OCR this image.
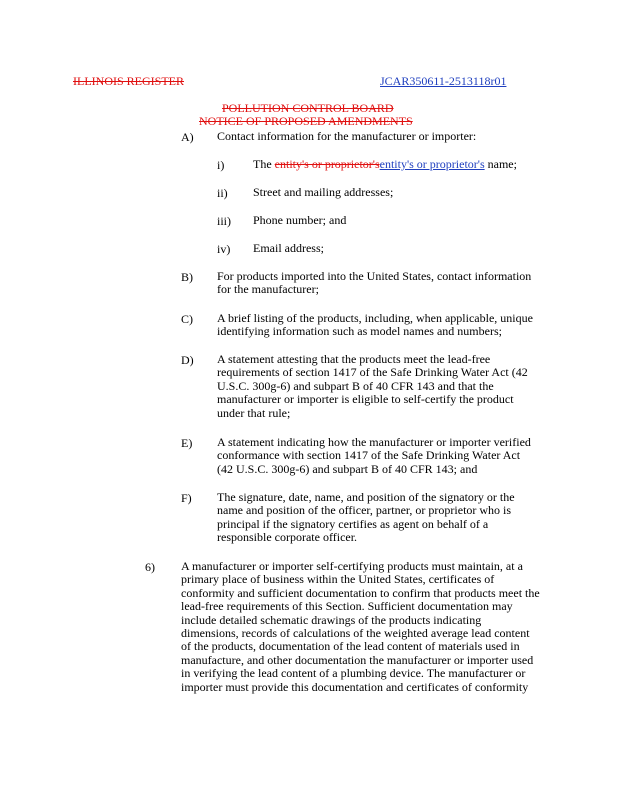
ILLINOIS REGISTER	JCAR350611-2513118r01
POLLUTION CONTROL BOARD
NOTICE OF PROPOSED AMENDMENTS
A) Contact information for the manufacturer or importer:
i) The entity's or proprietor'sentity's or proprietor's name;
ii) Street and mailing addresses;
iii) Phone number; and
iv) Email address;
B) For products imported into the United States, contact information
for the manufacturer;
C) A brief listing of the products, including, when applicable, unique
identifying information such as model names and numbers;
D) A statement attesting that the products meet the lead-free
requirements of section 1417 of the Safe Drinking Water Act (42
U.S.C. 300g-6) and subpart B of 40 CFR 143 and that the
manufacturer or importer is eligible to self-certify the product
under that rule;
E) A statement indicating how the manufacturer or importer verified
conformance with section 1417 of the Safe Drinking Water Act
(42 U.S.C. 300g-6) and subpart B of 40 CFR 143; and
F) The signature, date, name, and position of the signatory or the
name and position of the officer, partner, or proprietor who is
principal if the signatory certifies as agent on behalf of a
responsible corporate officer.
6) A manufacturer or importer self-certifying products must maintain, at a
primary place of business within the United States, certificates of
conformity and sufficient documentation to confirm that products meet the
lead-free requirements of this Section. Sufficient documentation may
include detailed schematic drawings of the products indicating
dimensions, records of calculations of the weighted average lead content
of the products, documentation of the lead content of materials used in
manufacture, and other documentation the manufacturer or importer used
in verifying the lead content of a plumbing device. The manufacturer or
importer must provide this documentation and certificates of conformity
